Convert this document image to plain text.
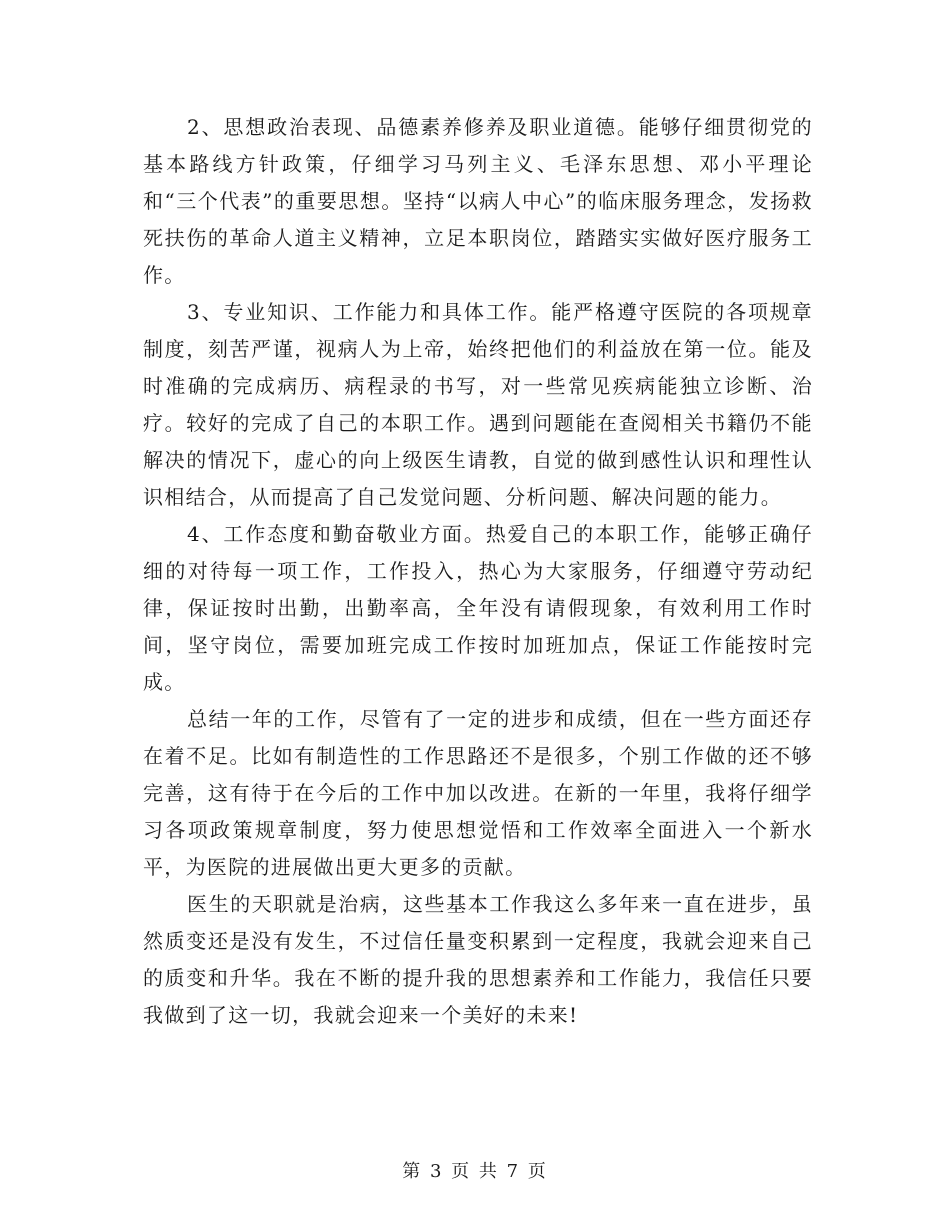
2、思想政治表现、品德素养修养及职业道德。能够仔细贯彻党的基本路线方针政策，仔细学习马列主义、毛泽东思想、邓小平理论和“三个代表”的重要思想。坚持“以病人中心”的临床服务理念，发扬救死扶伤的革命人道主义精神，立足本职岗位，踏踏实实做好医疗服务工作。

3、专业知识、工作能力和具体工作。能严格遵守医院的各项规章制度，刻苦严谨，视病人为上帝，始终把他们的利益放在第一位。能及时准确的完成病历、病程录的书写，对一些常见疾病能独立诊断、治疗。较好的完成了自己的本职工作。遇到问题能在查阅相关书籍仍不能解决的情况下，虚心的向上级医生请教，自觉的做到感性认识和理性认识相结合，从而提高了自己发觉问题、分析问题、解决问题的能力。

4、工作态度和勤奋敬业方面。热爱自己的本职工作，能够正确仔细的对待每一项工作，工作投入，热心为大家服务，仔细遵守劳动纪律，保证按时出勤，出勤率高，全年没有请假现象，有效利用工作时间，坚守岗位，需要加班完成工作按时加班加点，保证工作能按时完成。

总结一年的工作，尽管有了一定的进步和成绩，但在一些方面还存在着不足。比如有制造性的工作思路还不是很多，个别工作做的还不够完善，这有待于在今后的工作中加以改进。在新的一年里，我将仔细学习各项政策规章制度，努力使思想觉悟和工作效率全面进入一个新水平，为医院的进展做出更大更多的贡献。

医生的天职就是治病，这些基本工作我这么多年来一直在进步，虽然质变还是没有发生，不过信任量变积累到一定程度，我就会迎来自己的质变和升华。我在不断的提升我的思想素养和工作能力，我信任只要我做到了这一切，我就会迎来一个美好的未来!

第 3 页 共 7 页
